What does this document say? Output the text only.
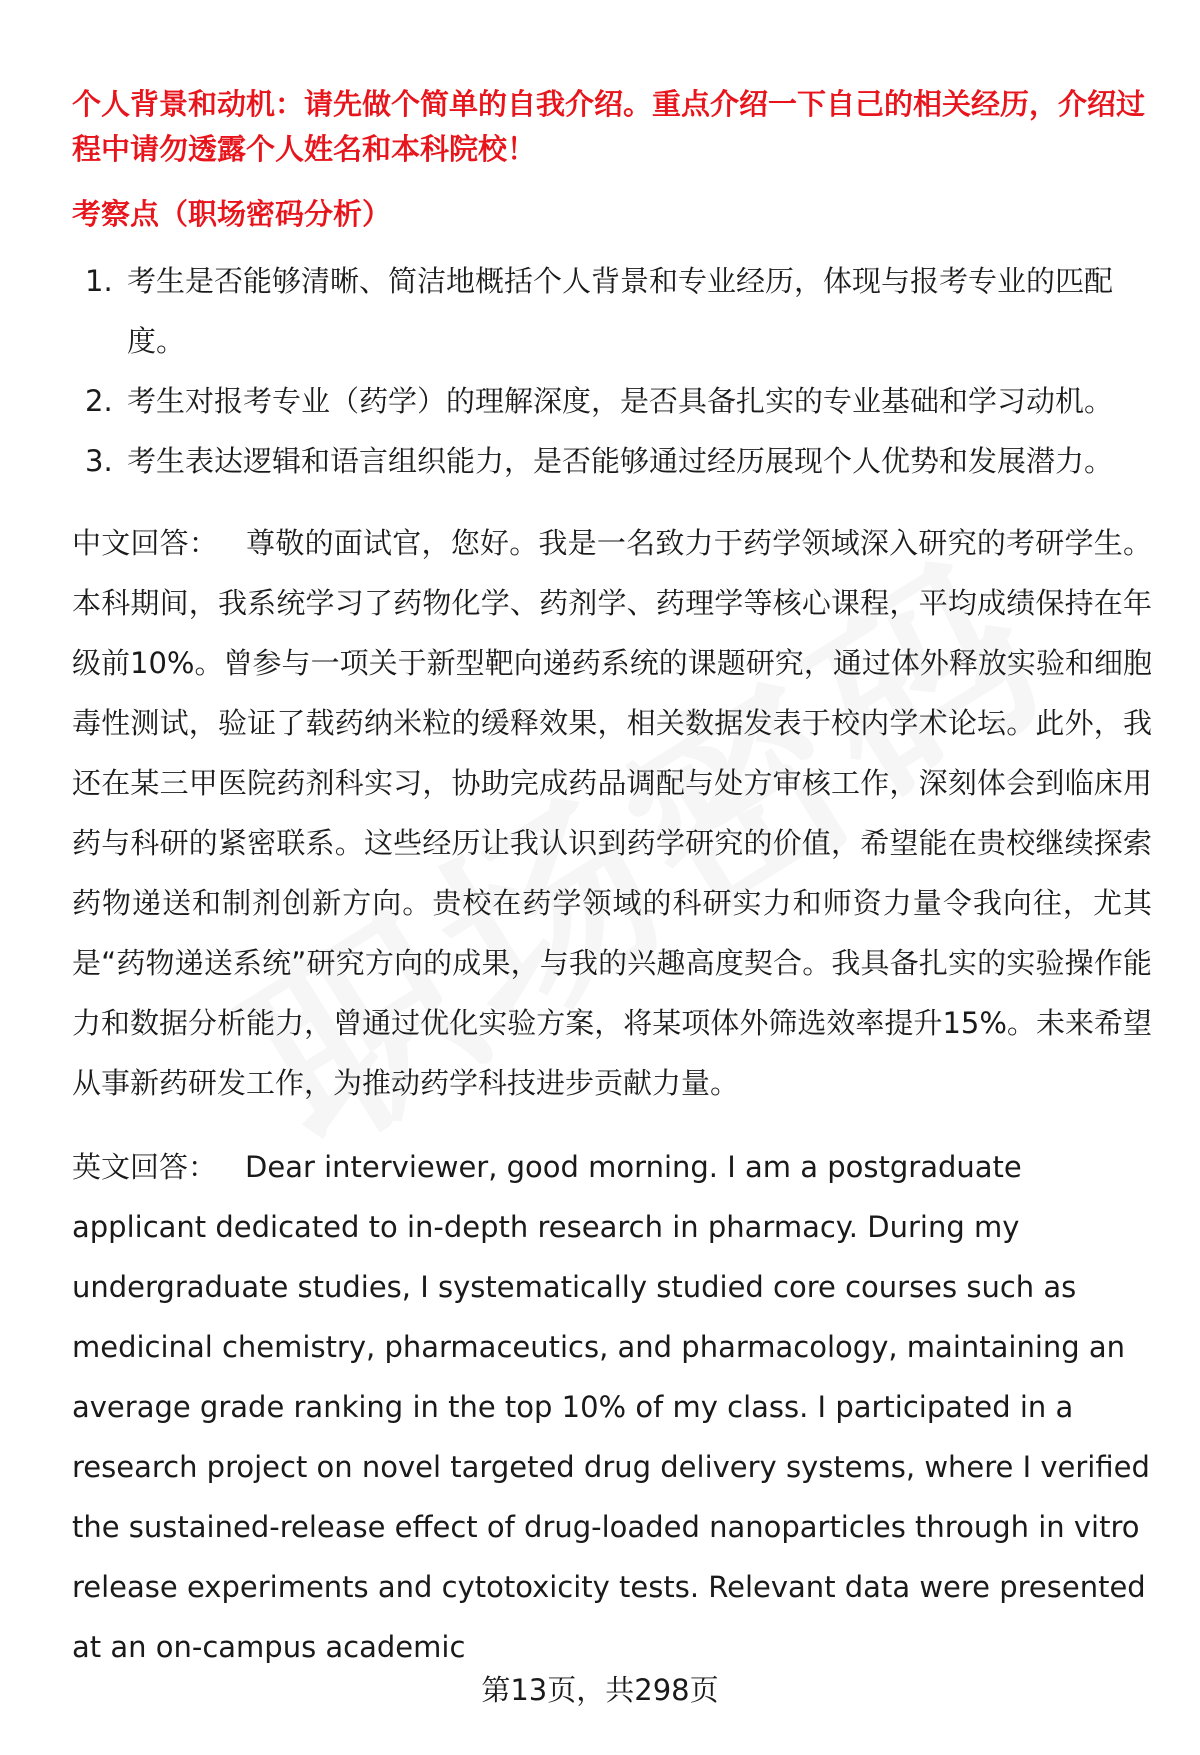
个人背景和动机：请先做个简单的自我介绍。重点介绍一下自己的相关经历，介绍过程中请勿透露个人姓名和本科院校！

考察点（职场密码分析）

1. 考生是否能够清晰、简洁地概括个人背景和专业经历，体现与报考专业的匹配度。
2. 考生对报考专业（药学）的理解深度，是否具备扎实的专业基础和学习动机。
3. 考生表达逻辑和语言组织能力，是否能够通过经历展现个人优势和发展潜力。

中文回答： 尊敬的面试官，您好。我是一名致力于药学领域深入研究的考研学生。本科期间，我系统学习了药物化学、药剂学、药理学等核心课程，平均成绩保持在年级前10%。曾参与一项关于新型靶向递药系统的课题研究，通过体外释放实验和细胞毒性测试，验证了载药纳米粒的缓释效果，相关数据发表于校内学术论坛。此外，我还在某三甲医院药剂科实习，协助完成药品调配与处方审核工作，深刻体会到临床用药与科研的紧密联系。这些经历让我认识到药学研究的价值，希望能在贵校继续探索药物递送和制剂创新方向。贵校在药学领域的科研实力和师资力量令我向往，尤其是“药物递送系统”研究方向的成果，与我的兴趣高度契合。我具备扎实的实验操作能力和数据分析能力，曾通过优化实验方案，将某项体外筛选效率提升15%。未来希望从事新药研发工作，为推动药学科技进步贡献力量。

英文回答： Dear interviewer, good morning. I am a postgraduate applicant dedicated to in-depth research in pharmacy. During my undergraduate studies, I systematically studied core courses such as medicinal chemistry, pharmaceutics, and pharmacology, maintaining an average grade ranking in the top 10% of my class. I participated in a research project on novel targeted drug delivery systems, where I verified the sustained-release effect of drug-loaded nanoparticles through in vitro release experiments and cytotoxicity tests. Relevant data were presented at an on-campus academic

第13页，共298页
